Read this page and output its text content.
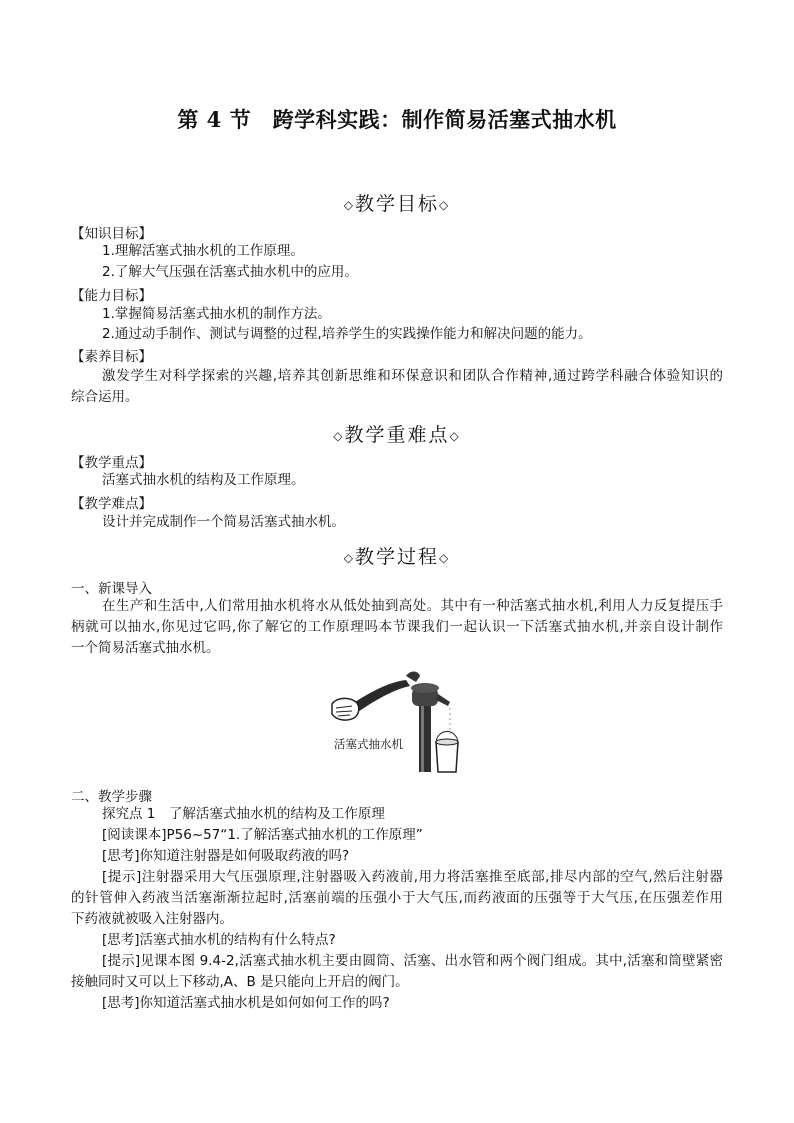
第 4 节　跨学科实践：制作简易活塞式抽水机
◇教学目标◇
【知识目标】
1.理解活塞式抽水机的工作原理。
2.了解大气压强在活塞式抽水机中的应用。
【能力目标】
1.掌握简易活塞式抽水机的制作方法。
2.通过动手制作、测试与调整的过程,培养学生的实践操作能力和解决问题的能力。
【素养目标】
激发学生对科学探索的兴趣,培养其创新思维和环保意识和团队合作精神,通过跨学科融合体验知识的
综合运用。
◇教学重难点◇
【教学重点】
活塞式抽水机的结构及工作原理。
【教学难点】
设计并完成制作一个简易活塞式抽水机。
◇教学过程◇
一、新课导入
在生产和生活中,人们常用抽水机将水从低处抽到高处。其中有一种活塞式抽水机,利用人力反复提压手
柄就可以抽水,你见过它吗,你了解它的工作原理吗本节课我们一起认识一下活塞式抽水机,并亲自设计制作
一个简易活塞式抽水机。
活塞式抽水机
二、教学步骤
探究点 1　了解活塞式抽水机的结构及工作原理
[阅读课本]P56~57“1.了解活塞式抽水机的工作原理”
[思考]你知道注射器是如何吸取药液的吗?
[提示]注射器采用大气压强原理,注射器吸入药液前,用力将活塞推至底部,排尽内部的空气,然后注射器
的针管伸入药液当活塞渐渐拉起时,活塞前端的压强小于大气压,而药液面的压强等于大气压,在压强差作用
下药液就被吸入注射器内。
[思考]活塞式抽水机的结构有什么特点?
[提示]见课本图 9.4-2,活塞式抽水机主要由圆筒、活塞、出水管和两个阀门组成。其中,活塞和筒壁紧密
接触同时又可以上下移动,A、B 是只能向上开启的阀门。
[思考]你知道活塞式抽水机是如何如何工作的吗?
